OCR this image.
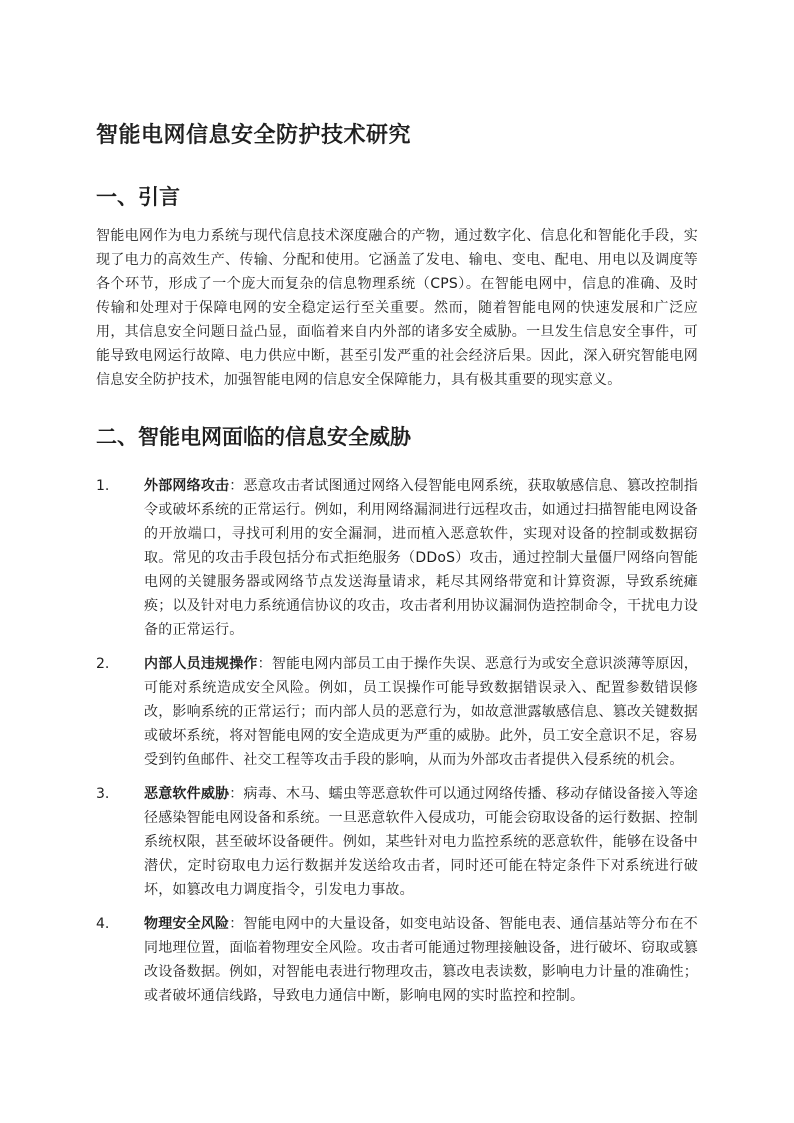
智能电网信息安全防护技术研究
一、引言

智能电网作为电力系统与现代信息技术深度融合的产物，通过数字化、信息化和智能化手段，实现了电力的高效生产、传输、分配和使用。它涵盖了发电、输电、变电、配电、用电以及调度等各个环节，形成了一个庞大而复杂的信息物理系统（CPS）。在智能电网中，信息的准确、及时传输和处理对于保障电网的安全稳定运行至关重要。然而，随着智能电网的快速发展和广泛应用，其信息安全问题日益凸显，面临着来自内外部的诸多安全威胁。一旦发生信息安全事件，可能导致电网运行故障、电力供应中断，甚至引发严重的社会经济后果。因此，深入研究智能电网信息安全防护技术，加强智能电网的信息安全保障能力，具有极其重要的现实意义。

二、智能电网面临的信息安全威胁
1.	外部网络攻击：恶意攻击者试图通过网络入侵智能电网系统，获取敏感信息、篡改控制指令或破坏系统的正常运行。例如，利用网络漏洞进行远程攻击，如通过扫描智能电网设备的开放端口，寻找可利用的安全漏洞，进而植入恶意软件，实现对设备的控制或数据窃取。常见的攻击手段包括分布式拒绝服务（DDoS）攻击，通过控制大量僵尸网络向智能电网的关键服务器或网络节点发送海量请求，耗尽其网络带宽和计算资源，导致系统瘫痪；以及针对电力系统通信协议的攻击，攻击者利用协议漏洞伪造控制命令，干扰电力设备的正常运行。
2.	内部人员违规操作：智能电网内部员工由于操作失误、恶意行为或安全意识淡薄等原因，可能对系统造成安全风险。例如，员工误操作可能导致数据错误录入、配置参数错误修改，影响系统的正常运行；而内部人员的恶意行为，如故意泄露敏感信息、篡改关键数据或破坏系统，将对智能电网的安全造成更为严重的威胁。此外，员工安全意识不足，容易受到钓鱼邮件、社交工程等攻击手段的影响，从而为外部攻击者提供入侵系统的机会。
3.	恶意软件威胁：病毒、木马、蠕虫等恶意软件可以通过网络传播、移动存储设备接入等途径感染智能电网设备和系统。一旦恶意软件入侵成功，可能会窃取设备的运行数据、控制系统权限，甚至破坏设备硬件。例如，某些针对电力监控系统的恶意软件，能够在设备中潜伏，定时窃取电力运行数据并发送给攻击者，同时还可能在特定条件下对系统进行破坏，如篡改电力调度指令，引发电力事故。
4.	物理安全风险：智能电网中的大量设备，如变电站设备、智能电表、通信基站等分布在不同地理位置，面临着物理安全风险。攻击者可能通过物理接触设备，进行破坏、窃取或篡改设备数据。例如，对智能电表进行物理攻击，篡改电表读数，影响电力计量的准确性；或者破坏通信线路，导致电力通信中断，影响电网的实时监控和控制。
